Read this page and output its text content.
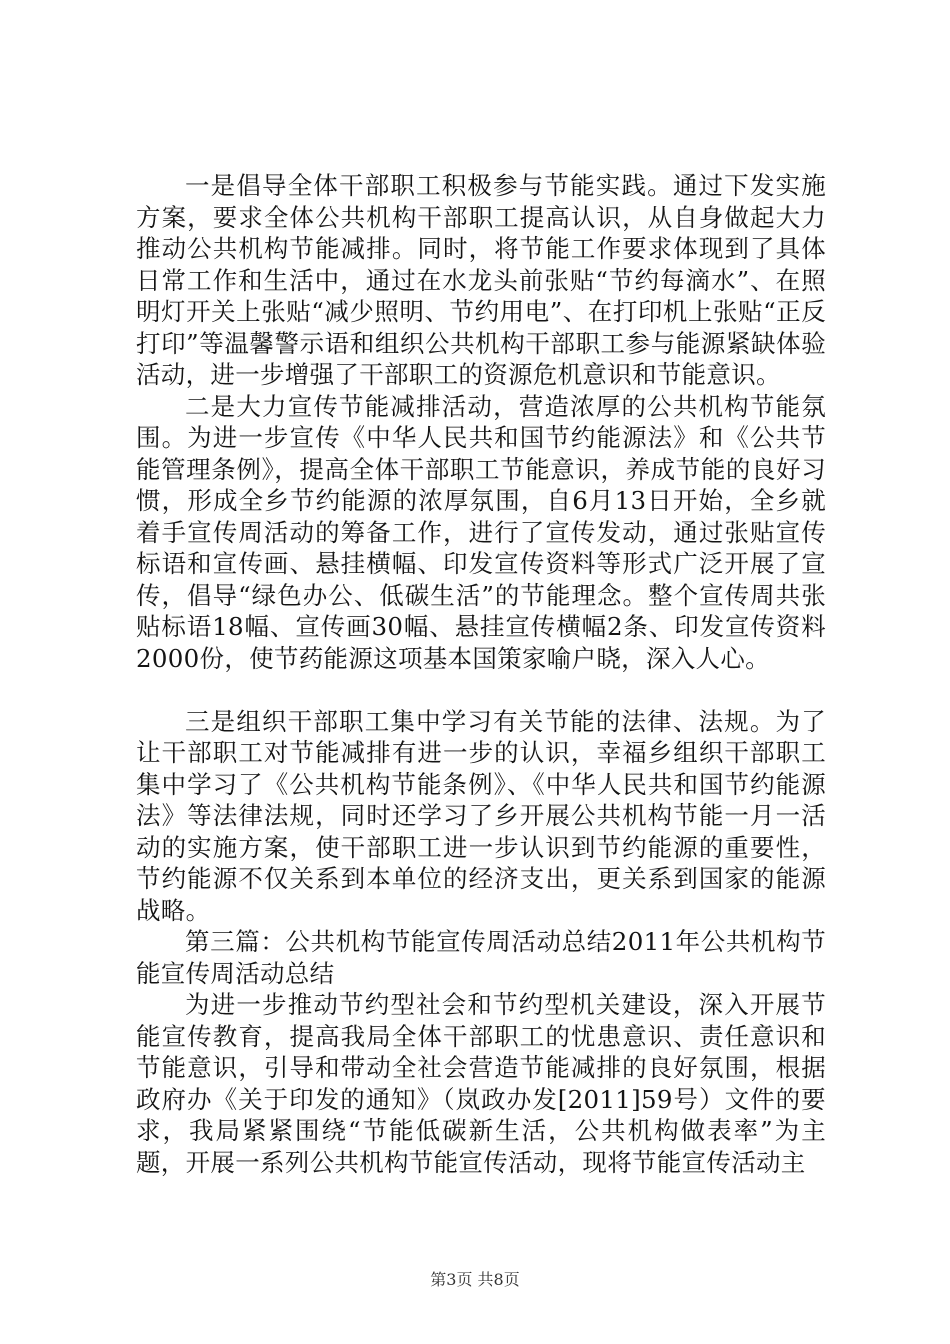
一是倡导全体干部职工积极参与节能实践。通过下发实施方案，要求全体公共机构干部职工提高认识，从自身做起大力推动公共机构节能减排。同时，将节能工作要求体现到了具体日常工作和生活中，通过在水龙头前张贴“节约每滴水”、在照明灯开关上张贴“减少照明、节约用电”、在打印机上张贴“正反打印”等温馨警示语和组织公共机构干部职工参与能源紧缺体验活动，进一步增强了干部职工的资源危机意识和节能意识。

二是大力宣传节能减排活动，营造浓厚的公共机构节能氛围。为进一步宣传《中华人民共和国节约能源法》和《公共节能管理条例》，提高全体干部职工节能意识，养成节能的良好习惯，形成全乡节约能源的浓厚氛围，自6月13日开始，全乡就着手宣传周活动的筹备工作，进行了宣传发动，通过张贴宣传标语和宣传画、悬挂横幅、印发宣传资料等形式广泛开展了宣传，倡导“绿色办公、低碳生活”的节能理念。整个宣传周共张贴标语18幅、宣传画30幅、悬挂宣传横幅2条、印发宣传资料2000份，使节药能源这项基本国策家喻户晓，深入人心。

三是组织干部职工集中学习有关节能的法律、法规。为了让干部职工对节能减排有进一步的认识，幸福乡组织干部职工集中学习了《公共机构节能条例》、《中华人民共和国节约能源法》等法律法规，同时还学习了乡开展公共机构节能一月一活动的实施方案，使干部职工进一步认识到节约能源的重要性，节约能源不仅关系到本单位的经济支出，更关系到国家的能源战略。

第三篇：公共机构节能宣传周活动总结2011年公共机构节能宣传周活动总结

为进一步推动节约型社会和节约型机关建设，深入开展节能宣传教育，提高我局全体干部职工的忧患意识、责任意识和节能意识，引导和带动全社会营造节能减排的良好氛围，根据政府办《关于印发的通知》（岚政办发[2011]59号）文件的要求，我局紧紧围绕“节能低碳新生活，公共机构做表率”为主题，开展一系列公共机构节能宣传活动，现将节能宣传活动主

第3页 共8页
